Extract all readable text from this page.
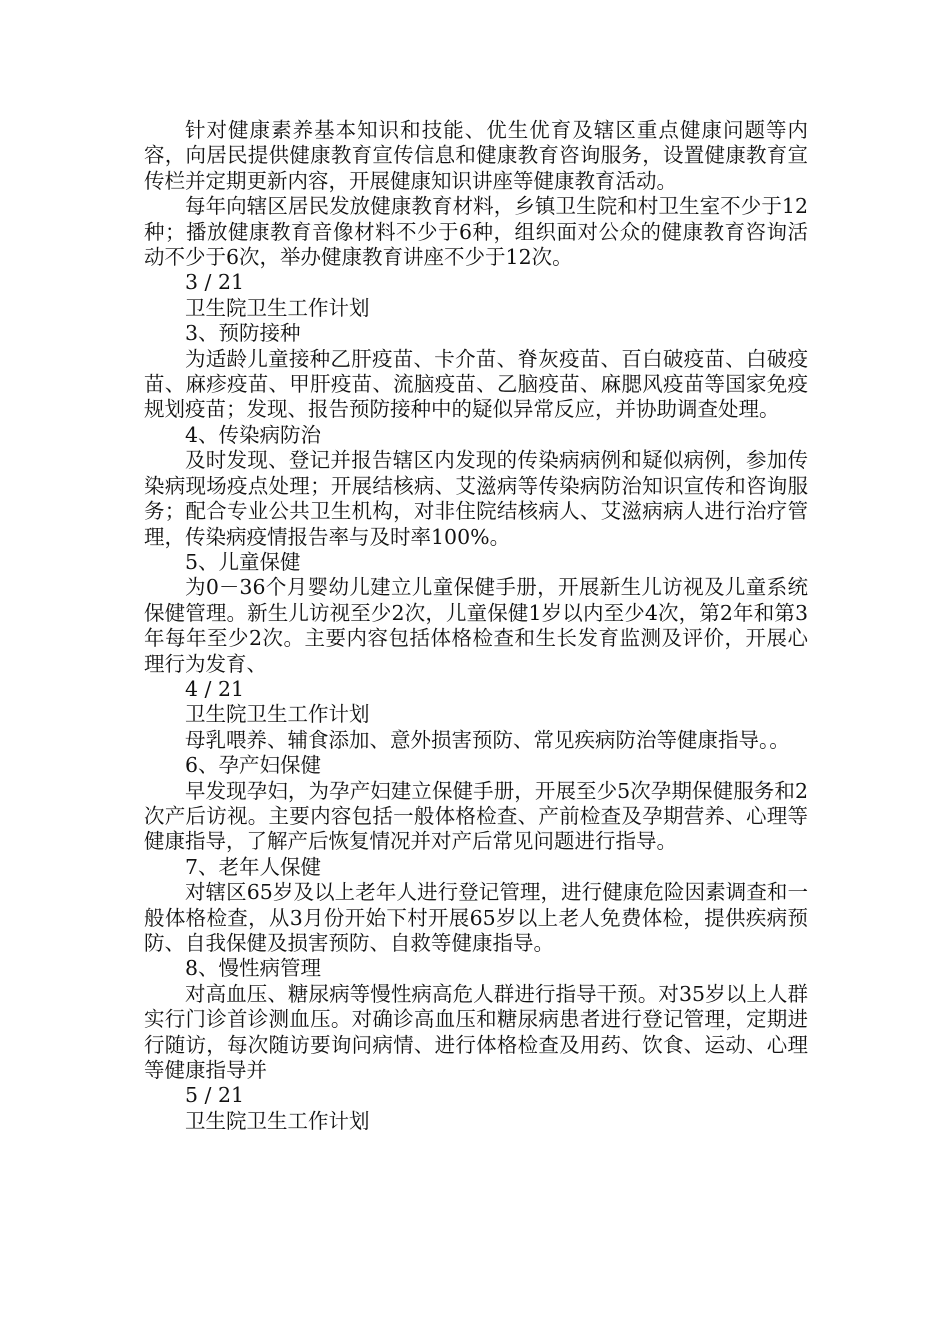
针对健康素养基本知识和技能、优生优育及辖区重点健康问题等内容，向居民提供健康教育宣传信息和健康教育咨询服务，设置健康教育宣传栏并定期更新内容，开展健康知识讲座等健康教育活动。

每年向辖区居民发放健康教育材料，乡镇卫生院和村卫生室不少于12种；播放健康教育音像材料不少于6种，组织面对公众的健康教育咨询活动不少于6次，举办健康教育讲座不少于12次。

3 / 21

卫生院卫生工作计划

3、预防接种

为适龄儿童接种乙肝疫苗、卡介苗、脊灰疫苗、百白破疫苗、白破疫苗、麻疹疫苗、甲肝疫苗、流脑疫苗、乙脑疫苗、麻腮风疫苗等国家免疫规划疫苗；发现、报告预防接种中的疑似异常反应，并协助调查处理。

4、传染病防治

及时发现、登记并报告辖区内发现的传染病病例和疑似病例，参加传染病现场疫点处理；开展结核病、艾滋病等传染病防治知识宣传和咨询服务；配合专业公共卫生机构，对非住院结核病人、艾滋病病人进行治疗管理，传染病疫情报告率与及时率100%。

5、儿童保健

为0－36个月婴幼儿建立儿童保健手册，开展新生儿访视及儿童系统保健管理。新生儿访视至少2次，儿童保健1岁以内至少4次，第2年和第3年每年至少2次。主要内容包括体格检查和生长发育监测及评价，开展心理行为发育、

4 / 21

卫生院卫生工作计划

母乳喂养、辅食添加、意外损害预防、常见疾病防治等健康指导。。

6、孕产妇保健

早发现孕妇，为孕产妇建立保健手册，开展至少5次孕期保健服务和2次产后访视。主要内容包括一般体格检查、产前检查及孕期营养、心理等健康指导，了解产后恢复情况并对产后常见问题进行指导。

7、老年人保健

对辖区65岁及以上老年人进行登记管理，进行健康危险因素调查和一般体格检查，从3月份开始下村开展65岁以上老人免费体检，提供疾病预防、自我保健及损害预防、自救等健康指导。

8、慢性病管理

对高血压、糖尿病等慢性病高危人群进行指导干预。对35岁以上人群实行门诊首诊测血压。对确诊高血压和糖尿病患者进行登记管理，定期进行随访，每次随访要询问病情、进行体格检查及用药、饮食、运动、心理等健康指导并

5 / 21

卫生院卫生工作计划
